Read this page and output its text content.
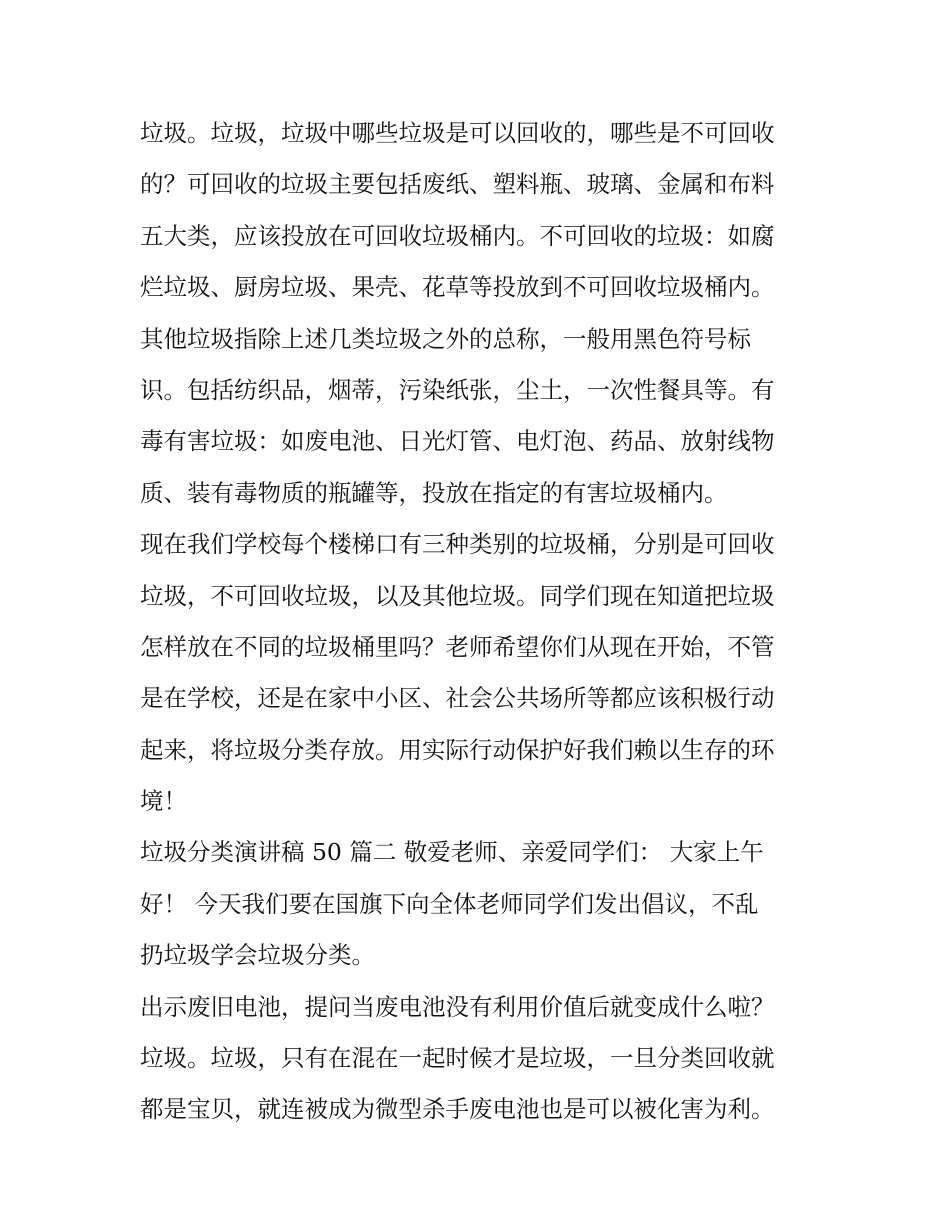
垃圾。垃圾，垃圾中哪些垃圾是可以回收的，哪些是不可回收
的？可回收的垃圾主要包括废纸、塑料瓶、玻璃、金属和布料
五大类，应该投放在可回收垃圾桶内。不可回收的垃圾：如腐
烂垃圾、厨房垃圾、果壳、花草等投放到不可回收垃圾桶内。
其他垃圾指除上述几类垃圾之外的总称，一般用黑色符号标
识。包括纺织品，烟蒂，污染纸张，尘土，一次性餐具等。有
毒有害垃圾：如废电池、日光灯管、电灯泡、药品、放射线物
质、装有毒物质的瓶罐等，投放在指定的有害垃圾桶内。
现在我们学校每个楼梯口有三种类别的垃圾桶，分别是可回收
垃圾，不可回收垃圾，以及其他垃圾。同学们现在知道把垃圾
怎样放在不同的垃圾桶里吗？老师希望你们从现在开始，不管
是在学校，还是在家中小区、社会公共场所等都应该积极行动
起来，将垃圾分类存放。用实际行动保护好我们赖以生存的环
境！
垃圾分类演讲稿 50 篇二 敬爱老师、亲爱同学们： 大家上午
好！ 今天我们要在国旗下向全体老师同学们发出倡议，不乱
扔垃圾学会垃圾分类。
出示废旧电池，提问当废电池没有利用价值后就变成什么啦？
垃圾。垃圾，只有在混在一起时候才是垃圾，一旦分类回收就
都是宝贝，就连被成为微型杀手废电池也是可以被化害为利。
